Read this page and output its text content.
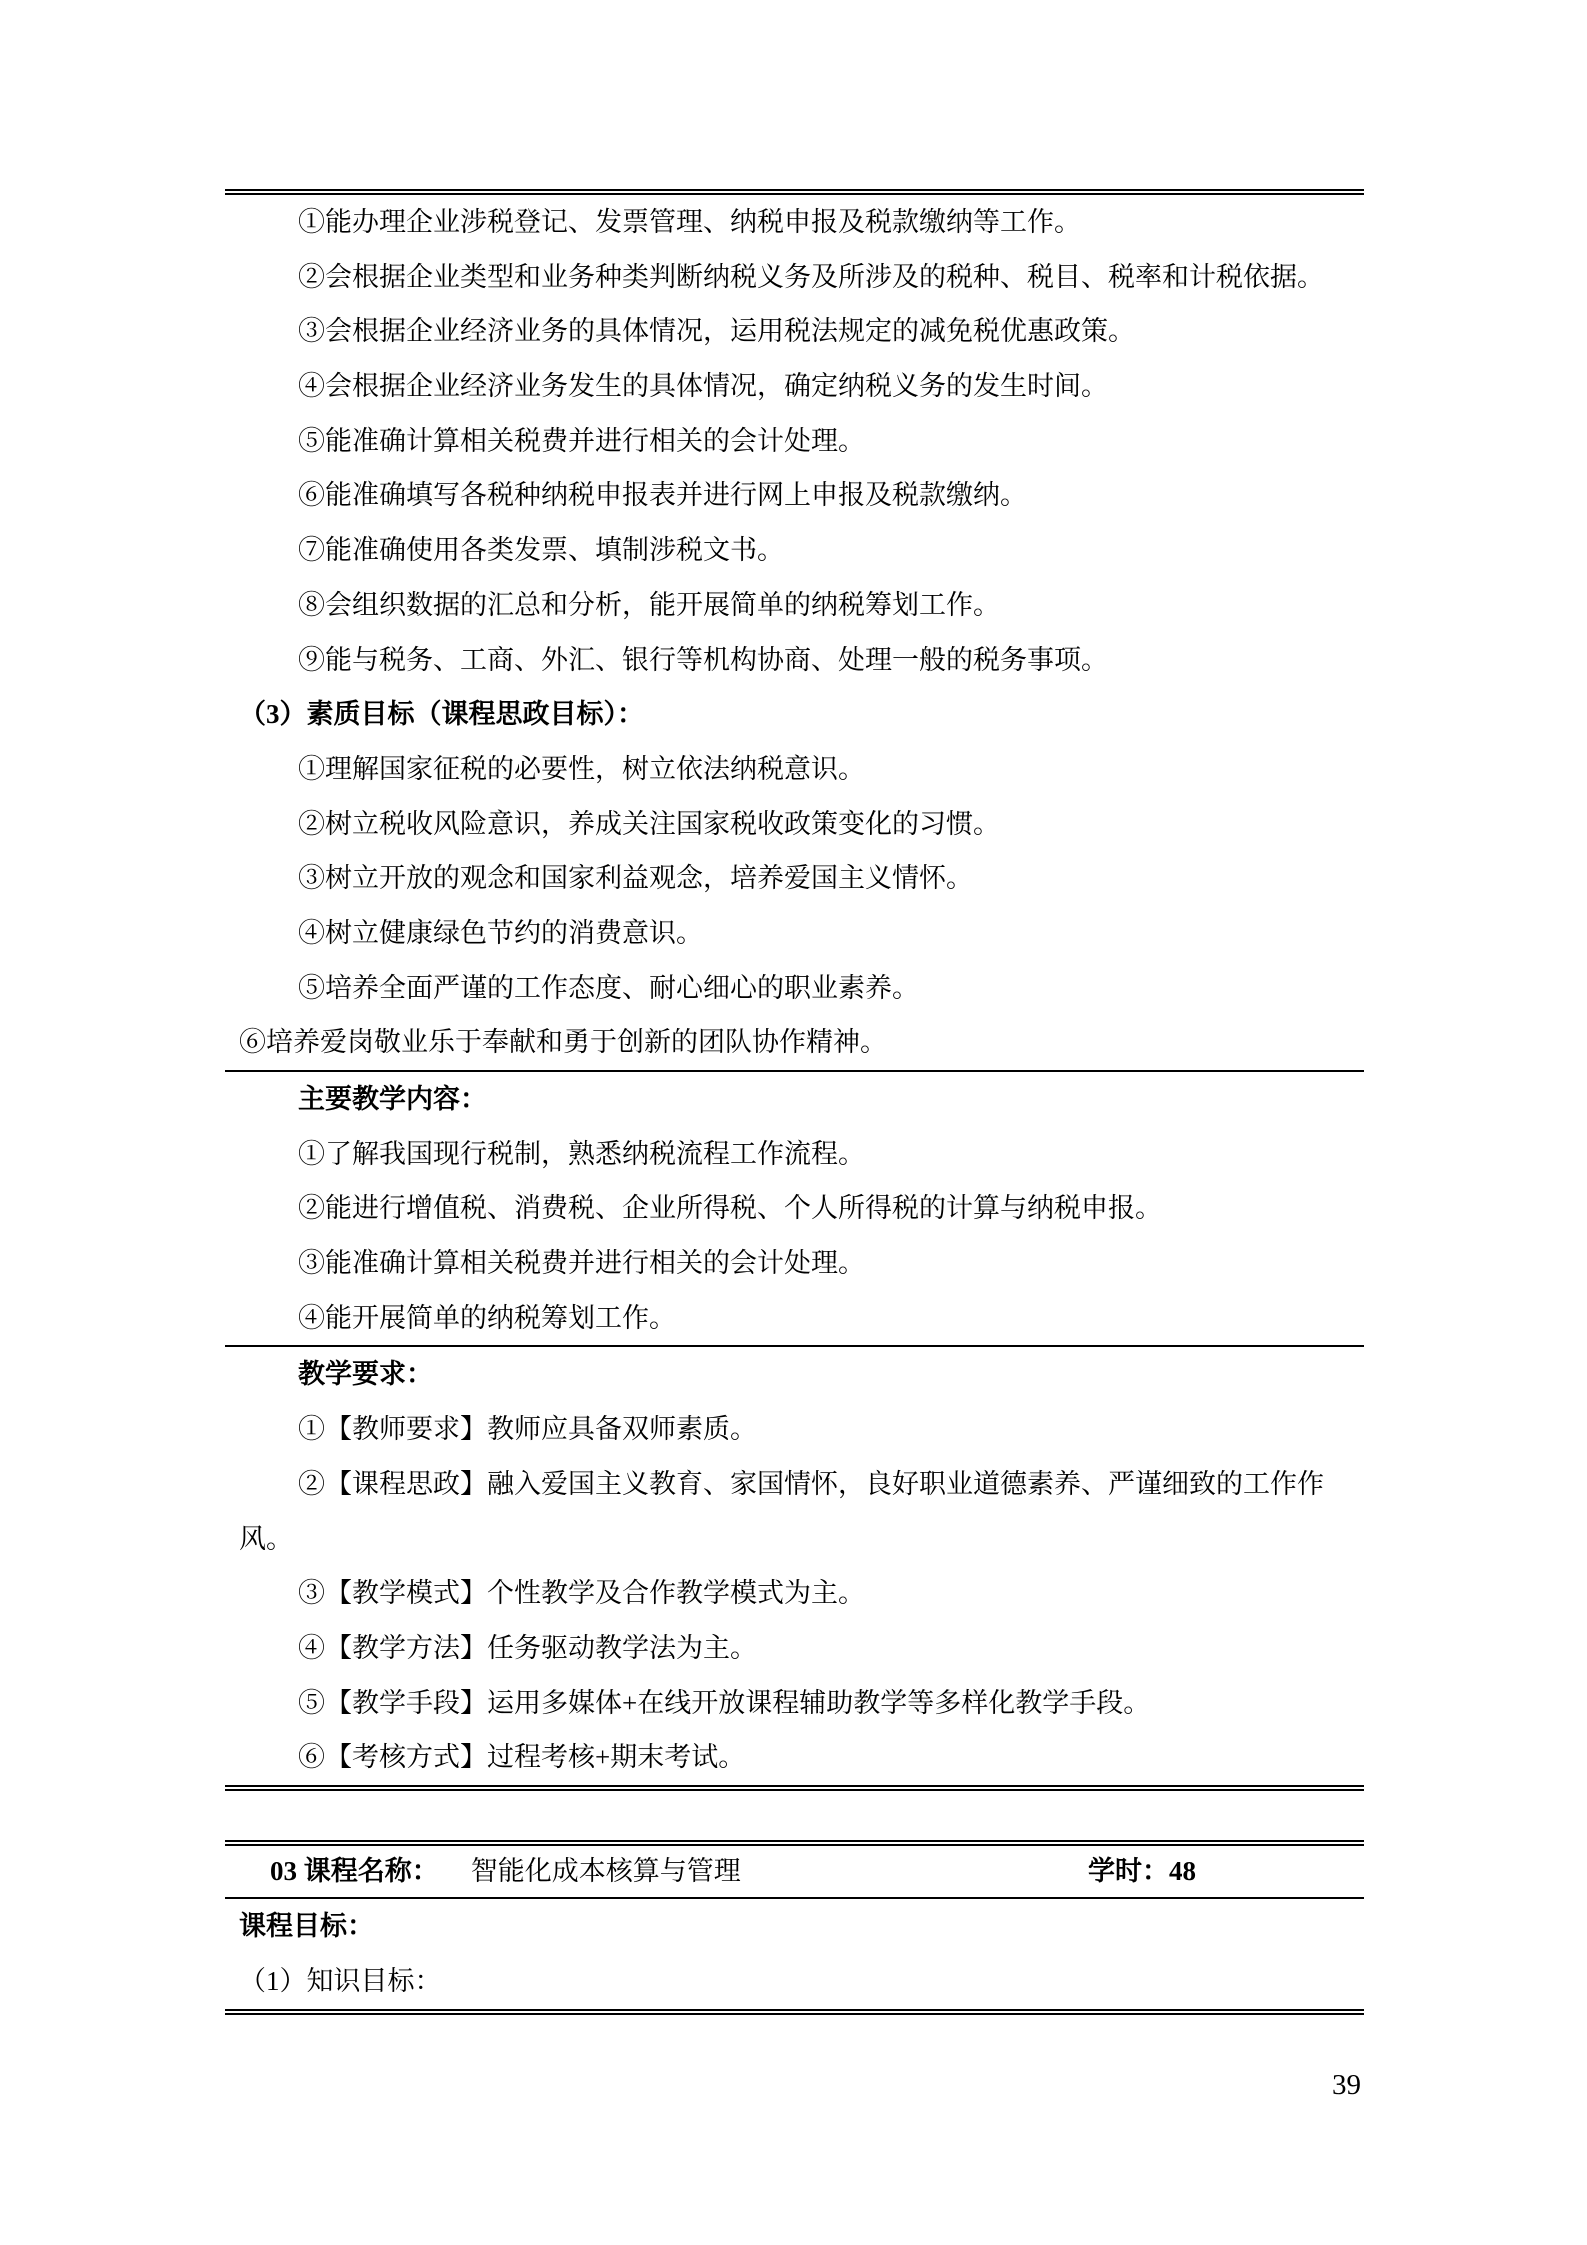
①能办理企业涉税登记、发票管理、纳税申报及税款缴纳等工作。
②会根据企业类型和业务种类判断纳税义务及所涉及的税种、税目、税率和计税依据。
③会根据企业经济业务的具体情况，运用税法规定的减免税优惠政策。
④会根据企业经济业务发生的具体情况，确定纳税义务的发生时间。
⑤能准确计算相关税费并进行相关的会计处理。
⑥能准确填写各税种纳税申报表并进行网上申报及税款缴纳。
⑦能准确使用各类发票、填制涉税文书。
⑧会组织数据的汇总和分析，能开展简单的纳税筹划工作。
⑨能与税务、工商、外汇、银行等机构协商、处理一般的税务事项。
（3）素质目标（课程思政目标）：
①理解国家征税的必要性，树立依法纳税意识。
②树立税收风险意识，养成关注国家税收政策变化的习惯。
③树立开放的观念和国家利益观念，培养爱国主义情怀。
④树立健康绿色节约的消费意识。
⑤培养全面严谨的工作态度、耐心细心的职业素养。
⑥培养爱岗敬业乐于奉献和勇于创新的团队协作精神。
主要教学内容：
①了解我国现行税制，熟悉纳税流程工作流程。
②能进行增值税、消费税、企业所得税、个人所得税的计算与纳税申报。
③能准确计算相关税费并进行相关的会计处理。
④能开展简单的纳税筹划工作。
教学要求：
①【教师要求】教师应具备双师素质。
②【课程思政】融入爱国主义教育、家国情怀，良好职业道德素养、严谨细致的工作作
风。
③【教学模式】个性教学及合作教学模式为主。
④【教学方法】任务驱动教学法为主。
⑤【教学手段】运用多媒体+在线开放课程辅助教学等多样化教学手段。
⑥【考核方式】过程考核+期末考试。
03 课程名称： 智能化成本核算与管理	学时：48
课程目标：
（1）知识目标：
39
